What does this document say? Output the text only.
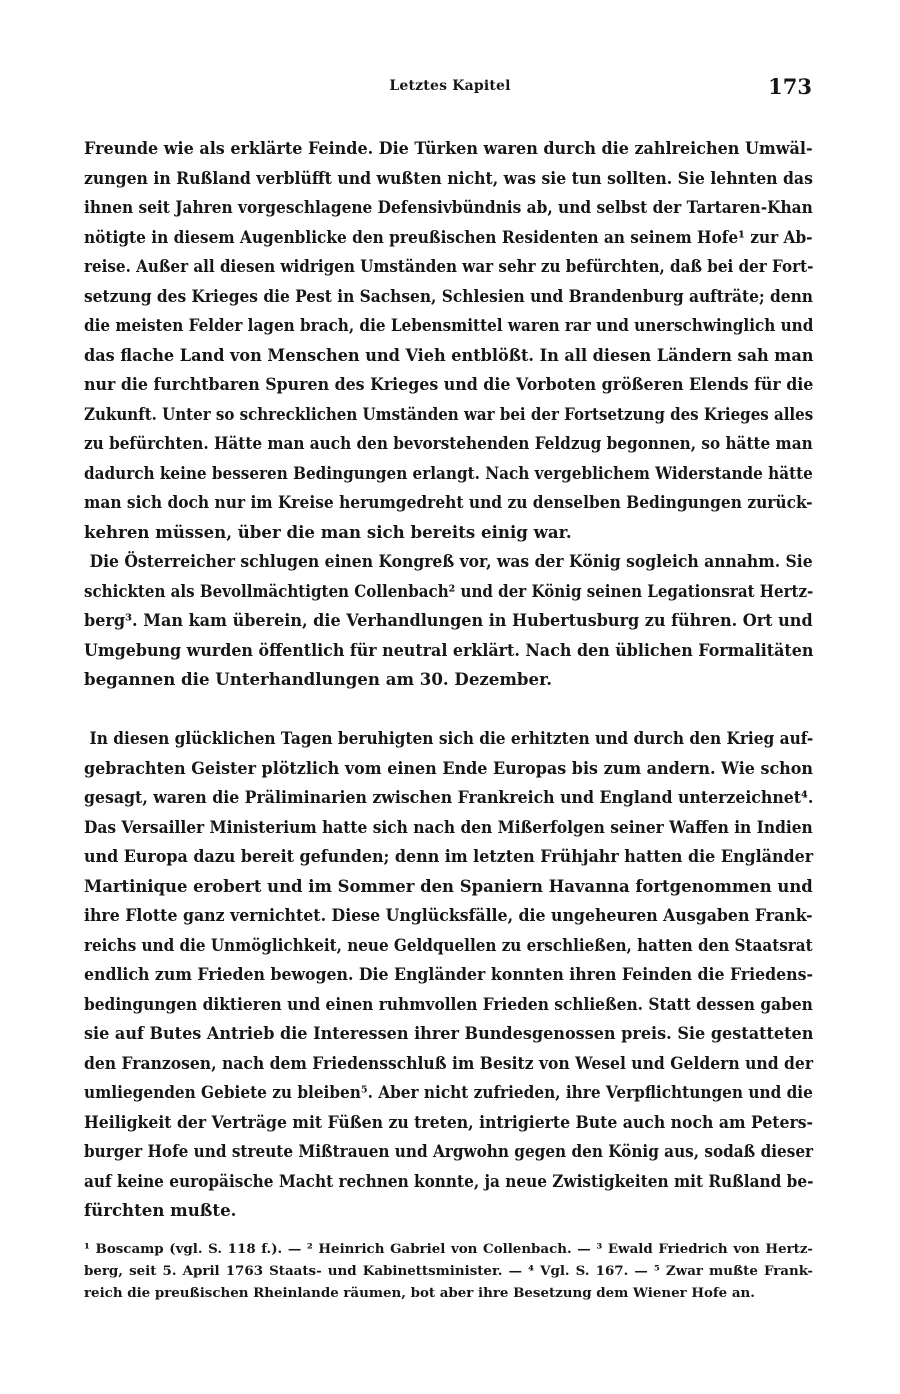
Letztes Kapitel	173
Freunde wie als erklärte Feinde. Die Türken waren durch die zahlreichen Umwäl-
zungen in Rußland verblüfft und wußten nicht, was sie tun sollten. Sie lehnten das
ihnen seit Jahren vorgeschlagene Defensivbündnis ab, und selbst der Tartaren-Khan
nötigte in diesem Augenblicke den preußischen Residenten an seinem Hofe¹ zur Ab-
reise. Außer all diesen widrigen Umständen war sehr zu befürchten, daß bei der Fort-
setzung des Krieges die Pest in Sachsen, Schlesien und Brandenburg aufträte; denn
die meisten Felder lagen brach, die Lebensmittel waren rar und unerschwinglich und
das flache Land von Menschen und Vieh entblößt. In all diesen Ländern sah man
nur die furchtbaren Spuren des Krieges und die Vorboten größeren Elends für die
Zukunft. Unter so schrecklichen Umständen war bei der Fortsetzung des Krieges alles
zu befürchten. Hätte man auch den bevorstehenden Feldzug begonnen, so hätte man
dadurch keine besseren Bedingungen erlangt. Nach vergeblichem Widerstande hätte
man sich doch nur im Kreise herumgedreht und zu denselben Bedingungen zurück-
kehren müssen, über die man sich bereits einig war.
Die Österreicher schlugen einen Kongreß vor, was der König sogleich annahm. Sie
schickten als Bevollmächtigten Collenbach² und der König seinen Legationsrat Hertz-
berg³. Man kam überein, die Verhandlungen in Hubertusburg zu führen. Ort und
Umgebung wurden öffentlich für neutral erklärt. Nach den üblichen Formalitäten
begannen die Unterhandlungen am 30. Dezember.
In diesen glücklichen Tagen beruhigten sich die erhitzten und durch den Krieg auf-
gebrachten Geister plötzlich vom einen Ende Europas bis zum andern. Wie schon
gesagt, waren die Präliminarien zwischen Frankreich und England unterzeichnet⁴.
Das Versailler Ministerium hatte sich nach den Mißerfolgen seiner Waffen in Indien
und Europa dazu bereit gefunden; denn im letzten Frühjahr hatten die Engländer
Martinique erobert und im Sommer den Spaniern Havanna fortgenommen und
ihre Flotte ganz vernichtet. Diese Unglücksfälle, die ungeheuren Ausgaben Frank-
reichs und die Unmöglichkeit, neue Geldquellen zu erschließen, hatten den Staatsrat
endlich zum Frieden bewogen. Die Engländer konnten ihren Feinden die Friedens-
bedingungen diktieren und einen ruhmvollen Frieden schließen. Statt dessen gaben
sie auf Butes Antrieb die Interessen ihrer Bundesgenossen preis. Sie gestatteten
den Franzosen, nach dem Friedensschluß im Besitz von Wesel und Geldern und der
umliegenden Gebiete zu bleiben⁵. Aber nicht zufrieden, ihre Verpflichtungen und die
Heiligkeit der Verträge mit Füßen zu treten, intrigierte Bute auch noch am Peters-
burger Hofe und streute Mißtrauen und Argwohn gegen den König aus, sodaß dieser
auf keine europäische Macht rechnen konnte, ja neue Zwistigkeiten mit Rußland be-
fürchten mußte.
¹ Boscamp (vgl. S. 118 f.). — ² Heinrich Gabriel von Collenbach. — ³ Ewald Friedrich von Hertz-
berg, seit 5. April 1763 Staats- und Kabinettsminister. — ⁴ Vgl. S. 167. — ⁵ Zwar mußte Frank-
reich die preußischen Rheinlande räumen, bot aber ihre Besetzung dem Wiener Hofe an.
